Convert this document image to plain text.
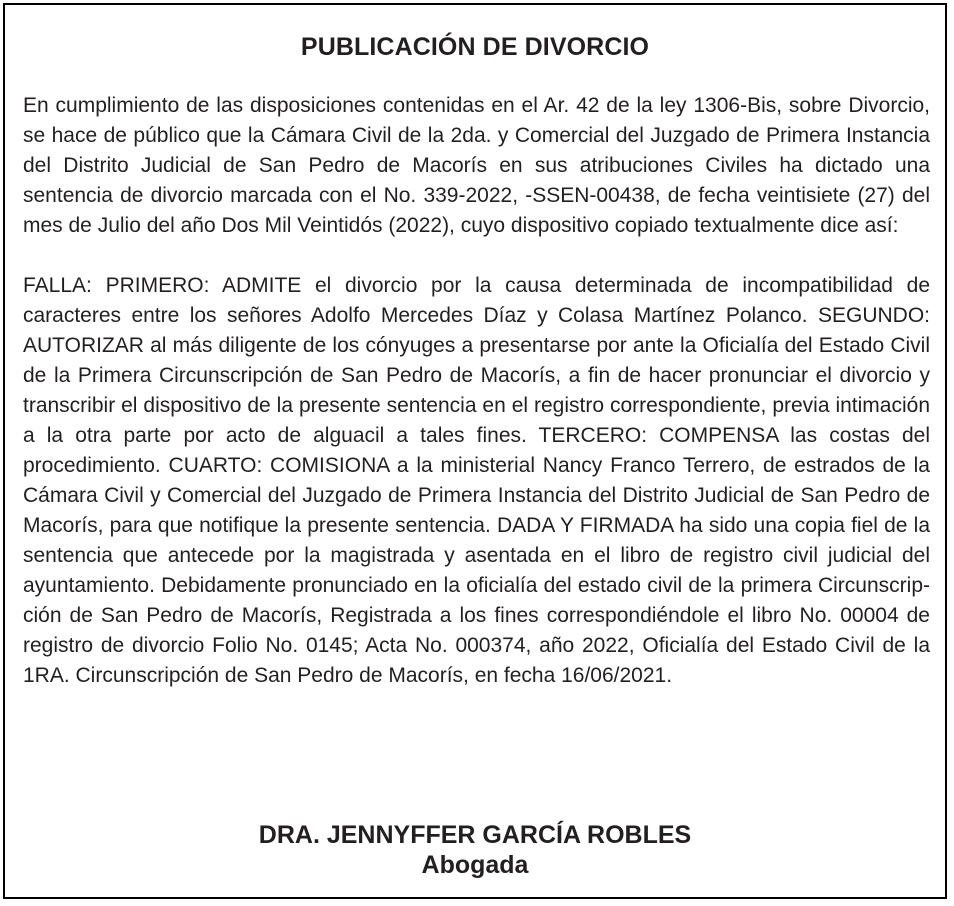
PUBLICACIÓN DE DIVORCIO

En cumplimiento de las disposiciones contenidas en el Ar. 42 de la ley 1306-Bis, sobre Divorcio, se hace de público que la Cámara Civil de la 2da. y Comercial del Juzgado de Primera Instancia del Distrito Judicial de San Pedro de Macorís en sus atribuciones Civiles ha dictado una sentencia de divorcio marcada con el No. 339-2022, -SSEN-00438, de fecha veintisiete (27) del mes de Julio del año Dos Mil Veintidós (2022), cuyo dispositivo copiado textualmente dice así:

FALLA: PRIMERO: ADMITE el divorcio por la causa determinada de incompatibilidad de caracteres entre los señores Adolfo Mercedes Díaz y Colasa Martínez Polanco. SEGUNDO: AUTORIZAR al más diligente de los cónyuges a presentarse por ante la Oficialía del Estado Civil de la Primera Circunscripción de San Pedro de Macorís, a fin de hacer pronunciar el divorcio y transcribir el dispositivo de la presente sentencia en el registro correspondiente, previa intimación a la otra parte por acto de alguacil a tales fines. TERCERO: COMPENSA las costas del procedimiento. CUARTO: COMISIONA a la ministerial Nancy Franco Terrero, de estrados de la Cámara Civil y Comercial del Juzgado de Primera Instancia del Distrito Judicial de San Pedro de Macorís, para que notifique la presente sentencia. DADA Y FIRMADA ha sido una copia fiel de la sentencia que antecede por la magistrada y asentada en el libro de registro civil judicial del ayuntamiento. Debidamente pronunciado en la oficialía del estado civil de la primera Circunscripción de San Pedro de Macorís, Registrada a los fines correspondiéndole el libro No. 00004 de registro de divorcio Folio No. 0145; Acta No. 000374, año 2022, Oficialía del Estado Civil de la 1RA. Circunscripción de San Pedro de Macorís, en fecha 16/06/2021.

DRA. JENNYFFER GARCÍA ROBLES
Abogada
